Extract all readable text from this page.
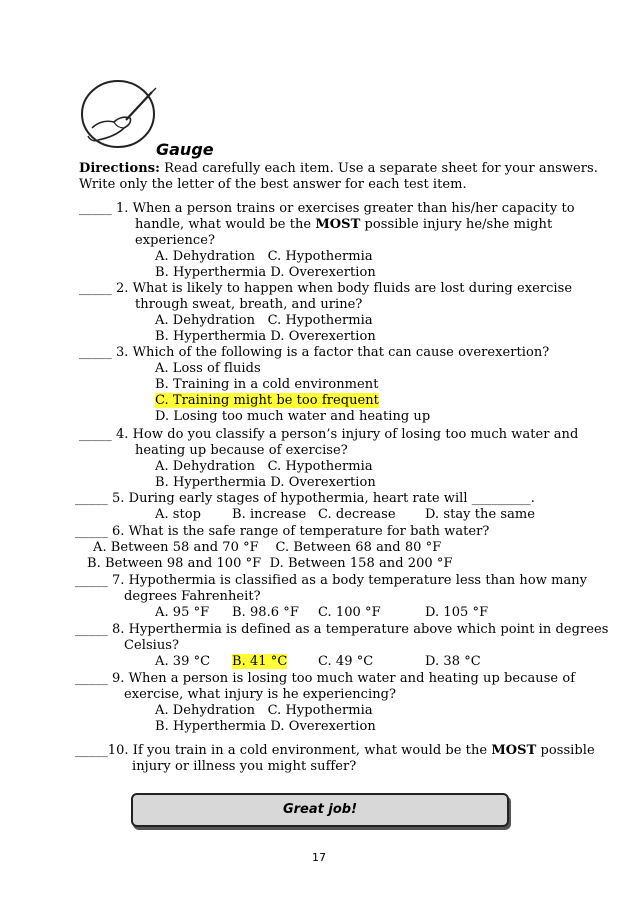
Gauge
Directions: Read carefully each item. Use a separate sheet for your answers.
Write only the letter of the best answer for each test item.
_____ 1. When a person trains or exercises greater than his/her capacity to
handle, what would be the MOST possible injury he/she might
experience?
A. Dehydration   C. Hypothermia
B. Hyperthermia D. Overexertion
_____ 2. What is likely to happen when body fluids are lost during exercise
through sweat, breath, and urine?
A. Dehydration   C. Hypothermia
B. Hyperthermia D. Overexertion
_____ 3. Which of the following is a factor that can cause overexertion?
A. Loss of fluids
B. Training in a cold environment
C. Training might be too frequent
D. Losing too much water and heating up
_____ 4. How do you classify a person’s injury of losing too much water and
heating up because of exercise?
A. Dehydration   C. Hypothermia
B. Hyperthermia D. Overexertion
_____ 5. During early stages of hypothermia, heart rate will _________.
A. stop B. increase C. decrease D. stay the same
_____ 6. What is the safe range of temperature for bath water?
A. Between 58 and 70 °F    C. Between 68 and 80 °F
B. Between 98 and 100 °F  D. Between 158 and 200 °F
_____ 7. Hypothermia is classified as a body temperature less than how many
degrees Fahrenheit?
A. 95 °F B. 98.6 °F C. 100 °F	D. 105 °F
_____ 8. Hyperthermia is defined as a temperature above which point in degrees
Celsius?
A. 39 °C B. 41 °C C. 49 °C	D. 38 °C
_____ 9. When a person is losing too much water and heating up because of
exercise, what injury is he experiencing?
A. Dehydration   C. Hypothermia
B. Hyperthermia D. Overexertion
_____10. If you train in a cold environment, what would be the MOST possible
injury or illness you might suffer?
Great job!
17
